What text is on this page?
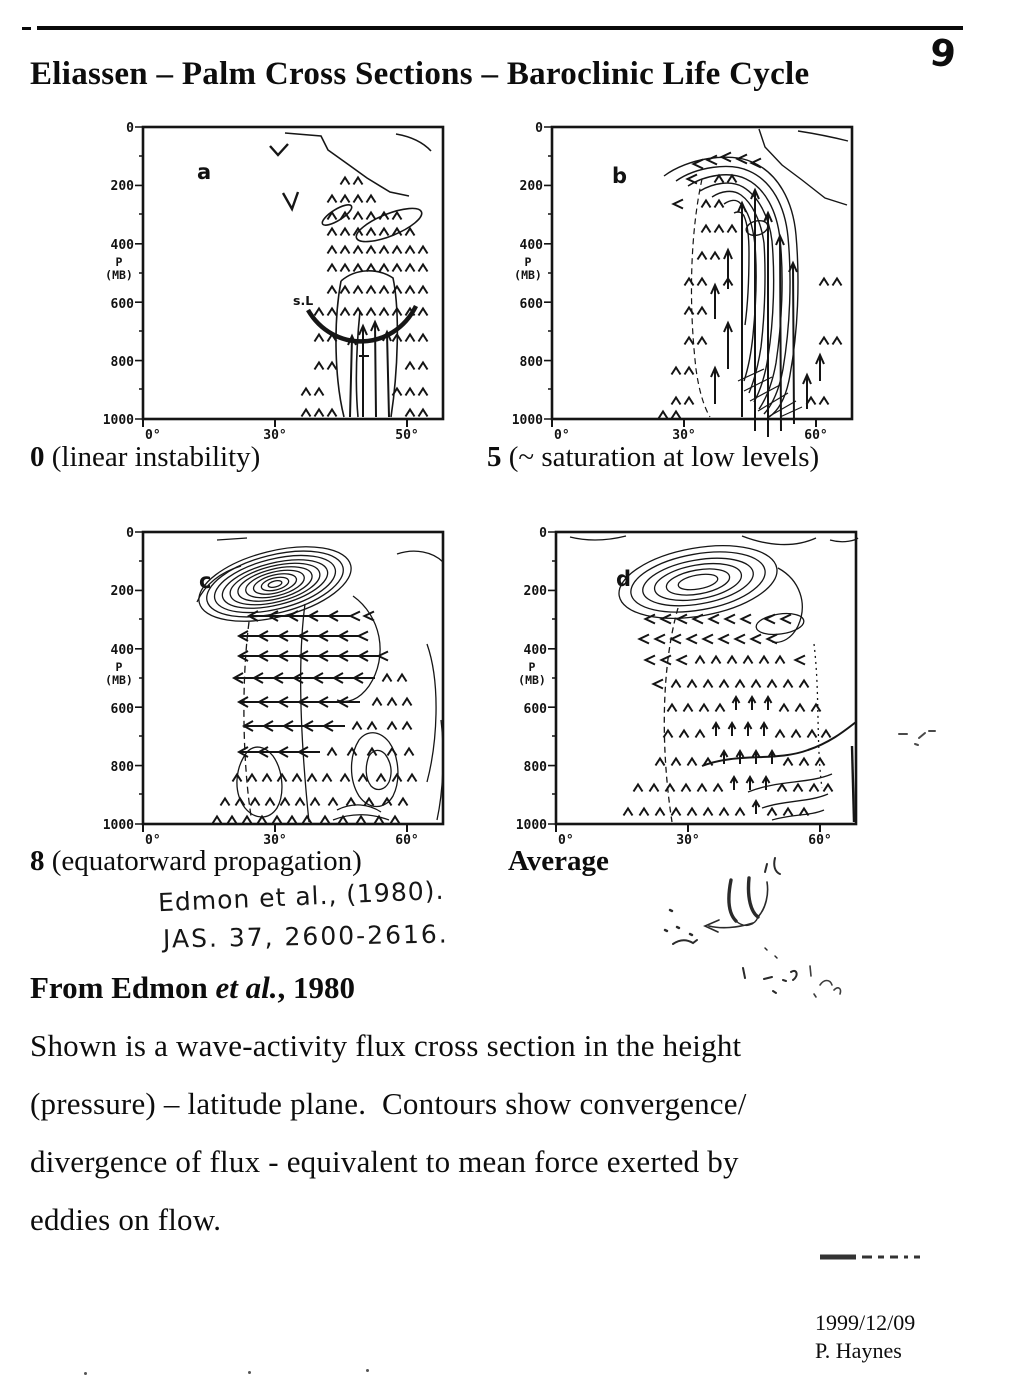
9
Eliassen – Palm Cross Sections – Baroclinic Life Cycle
0
200
400
600
800
1000
P
(MB)
0°	30°	50°
a
s.L
0
200
400
600
800
1000
P
(MB)
0°	30°	60°
b
0 (linear instability)	5 (~ saturation at low levels)
0
200
400
600
800
1000
P
(MB)
0°	30°	60°
c
0
200
400
600
800
1000
P
(MB)
0°	30°	60°
d
8 (equatorward propagation)	Average
Edmon et al., (1980).
JAS. 37, 2600-2616.
From Edmon et al., 1980
Shown is a wave-activity flux cross section in the height
(pressure) – latitude plane.  Contours show convergence/
divergence of flux - equivalent to mean force exerted by
eddies on flow.
1999/12/09
P. Haynes
